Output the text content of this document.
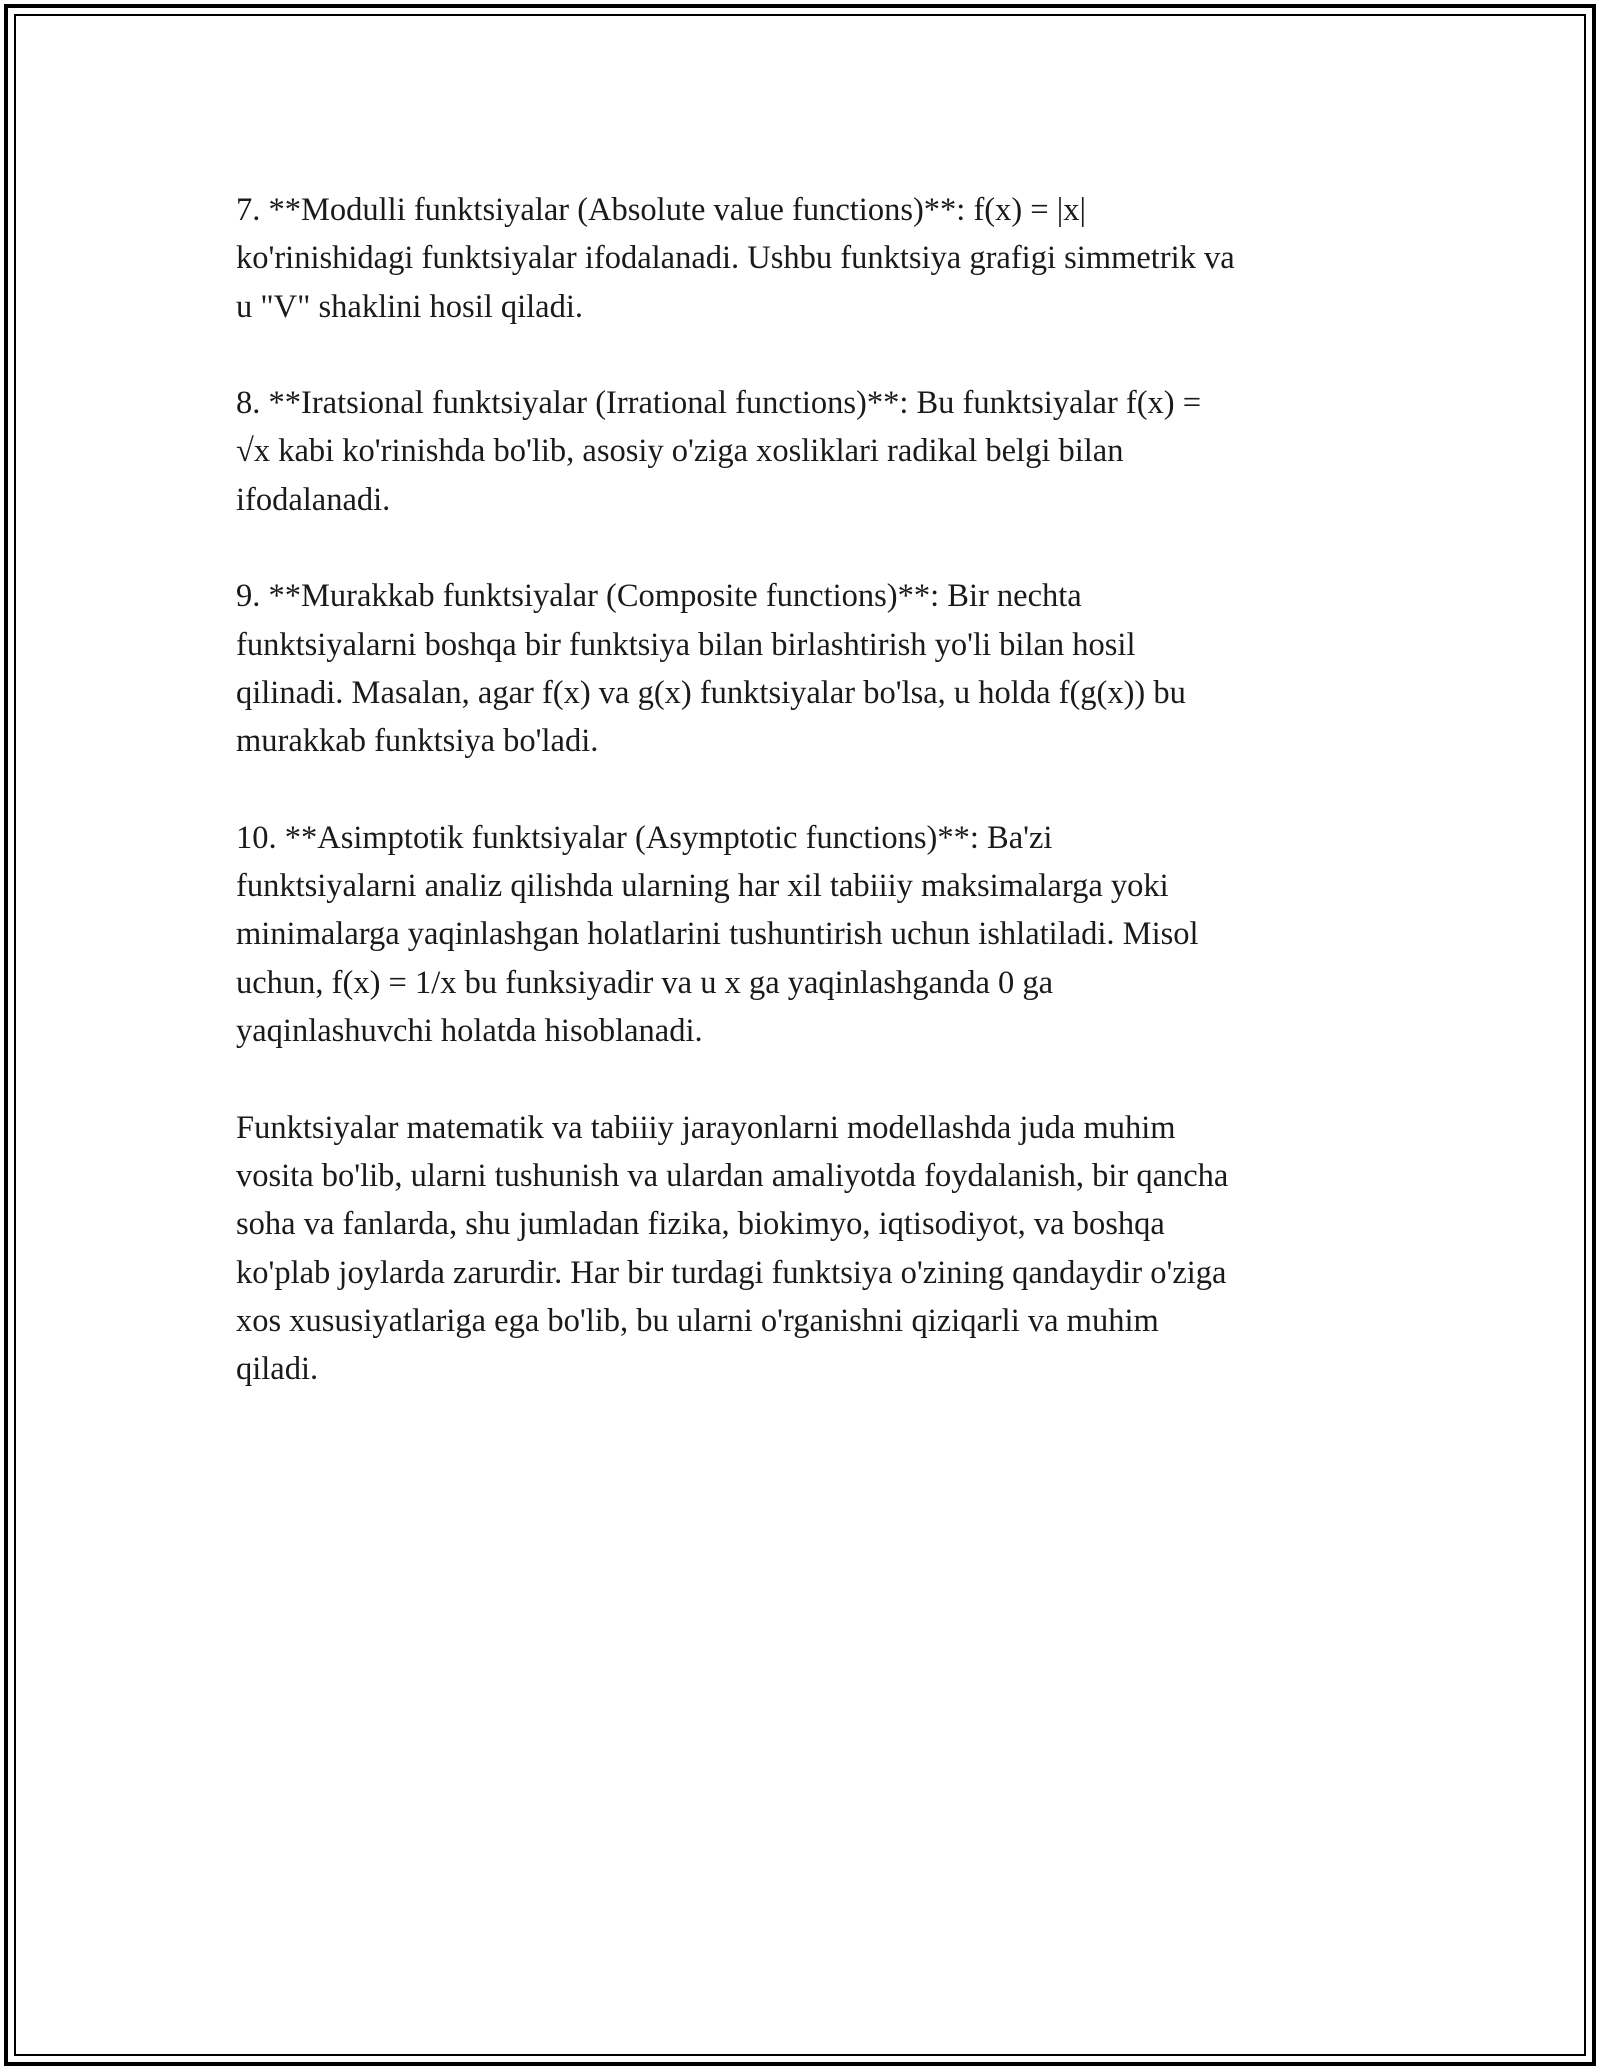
7. **Modulli funktsiyalar (Absolute value functions)**: f(x) = |x|
ko'rinishidagi funktsiyalar ifodalanadi. Ushbu funktsiya grafigi simmetrik va
u "V" shaklini hosil qiladi.

8. **Iratsional funktsiyalar (Irrational functions)**: Bu funktsiyalar f(x) =
√x kabi ko'rinishda bo'lib, asosiy o'ziga xosliklari radikal belgi bilan
ifodalanadi.

9. **Murakkab funktsiyalar (Composite functions)**: Bir nechta
funktsiyalarni boshqa bir funktsiya bilan birlashtirish yo'li bilan hosil
qilinadi. Masalan, agar f(x) va g(x) funktsiyalar bo'lsa, u holda f(g(x)) bu
murakkab funktsiya bo'ladi.

10. **Asimptotik funktsiyalar (Asymptotic functions)**: Ba'zi
funktsiyalarni analiz qilishda ularning har xil tabiiiy maksimalarga yoki
minimalarga yaqinlashgan holatlarini tushuntirish uchun ishlatiladi. Misol
uchun, f(x) = 1/x bu funksiyadir va u x ga yaqinlashganda 0 ga
yaqinlashuvchi holatda hisoblanadi.

Funktsiyalar matematik va tabiiiy jarayonlarni modellashda juda muhim
vosita bo'lib, ularni tushunish va ulardan amaliyotda foydalanish, bir qancha
soha va fanlarda, shu jumladan fizika, biokimyo, iqtisodiyot, va boshqa
ko'plab joylarda zarurdir. Har bir turdagi funktsiya o'zining qandaydir o'ziga
xos xususiyatlariga ega bo'lib, bu ularni o'rganishni qiziqarli va muhim
qiladi.
